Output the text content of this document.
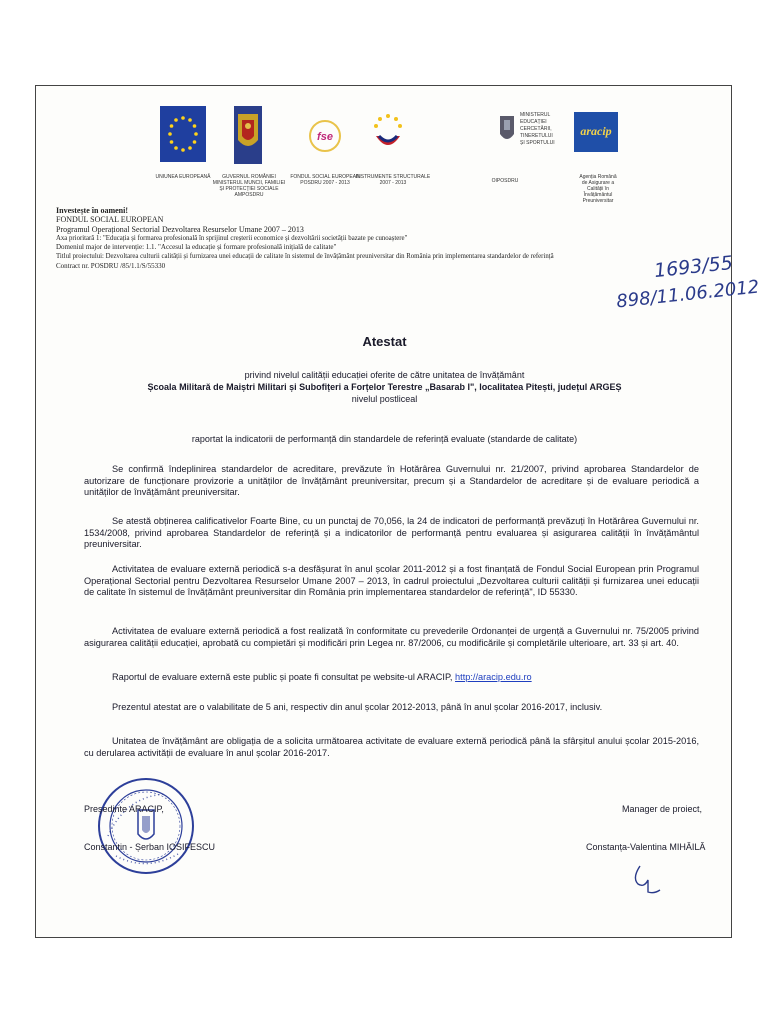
UNIUNEA EUROPEANĂ	GUVERNUL ROMÂNIEI MINISTERUL MUNCII, FAMILIEI ȘI PROTECȚIEI SOCIALE AMPOSDRU
fse
FONDUL SOCIAL EUROPEAN POSDRU 2007 - 2013
INSTRUMENTE STRUCTURALE 2007 - 2013	OIPOSDRU
MINISTERUL EDUCAȚIEI CERCETĂRII, TINERETULUI ȘI SPORTULUI
aracip
Agenția Română de Asigurare a Calității în Învățământul Preuniversitar
Investește în oameni!
FONDUL SOCIAL EUROPEAN
Programul Operațional Sectorial Dezvoltarea Resurselor Umane 2007 – 2013
Axa prioritară 1: "Educația și formarea profesională în sprijinul creșterii economice și dezvoltării societății bazate pe cunoaștere"
Domeniul major de intervenție: 1.1. "Accesul la educație și formare profesională inițială de calitate"
Titlul proiectului: Dezvoltarea culturii calității și furnizarea unei educații de calitate în sistemul de învățământ preuniversitar din România prin implementarea standardelor de referință
Contract nr. POSDRU /85/1.1/S/55330	1693/55
898/11.06.2012
Atestat
privind nivelul calității educației oferite de către unitatea de învățământ
Școala Militară de Maiștri Militari și Subofițeri a Forțelor Terestre „Basarab I", localitatea Pitești, județul ARGEȘ
nivelul postliceal
raportat la indicatorii de performanță din standardele de referință evaluate (standarde de calitate)
Se confirmă îndeplinirea standardelor de acreditare, prevăzute în Hotărârea Guvernului nr. 21/2007, privind aprobarea Standardelor de autorizare de funcționare provizorie a unităților de învățământ preuniversitar, precum și a Standardelor de acreditare și de evaluare periodică a unităților de învățământ preuniversitar.
Se atestă obținerea calificativelor Foarte Bine, cu un punctaj de 70,056, la 24 de indicatori de performanță prevăzuți în Hotărârea Guvernului nr. 1534/2008, privind aprobarea Standardelor de referință și a indicatorilor de performanță pentru evaluarea și asigurarea calității în învățământul preuniversitar.
Activitatea de evaluare externă periodică s-a desfășurat în anul școlar 2011-2012 și a fost finanțată de Fondul Social European prin Programul Operațional Sectorial pentru Dezvoltarea Resurselor Umane 2007 – 2013, în cadrul proiectului „Dezvoltarea culturii calității și furnizarea unei educații de calitate în sistemul de învățământ preuniversitar din România prin implementarea standardelor de referință", ID 55330.
Activitatea de evaluare externă periodică a fost realizată în conformitate cu prevederile Ordonanței de urgență a Guvernului nr. 75/2005 privind asigurarea calității educației, aprobată cu compietări și modificări prin Legea nr. 87/2006, cu modificările și completările ulterioare, art. 33 și art. 40.
Raportul de evaluare externă este public și poate fi consultat pe website-ul ARACIP, http://aracip.edu.ro
Prezentul atestat are o valabilitate de 5 ani, respectiv din anul școlar 2012-2013, până în anul școlar 2016-2017, inclusiv.
Unitatea de învățământ are obligația de a solicita următoarea activitate de evaluare externă periodică până la sfârșitul anului școlar 2015-2016, cu derularea activității de evaluare în anul școlar 2016-2017.
Președinte ARACIP,
Constantin - Șerban IOSIFESCU
Manager de proiect,
Constanța-Valentina MIHĂILĂ
